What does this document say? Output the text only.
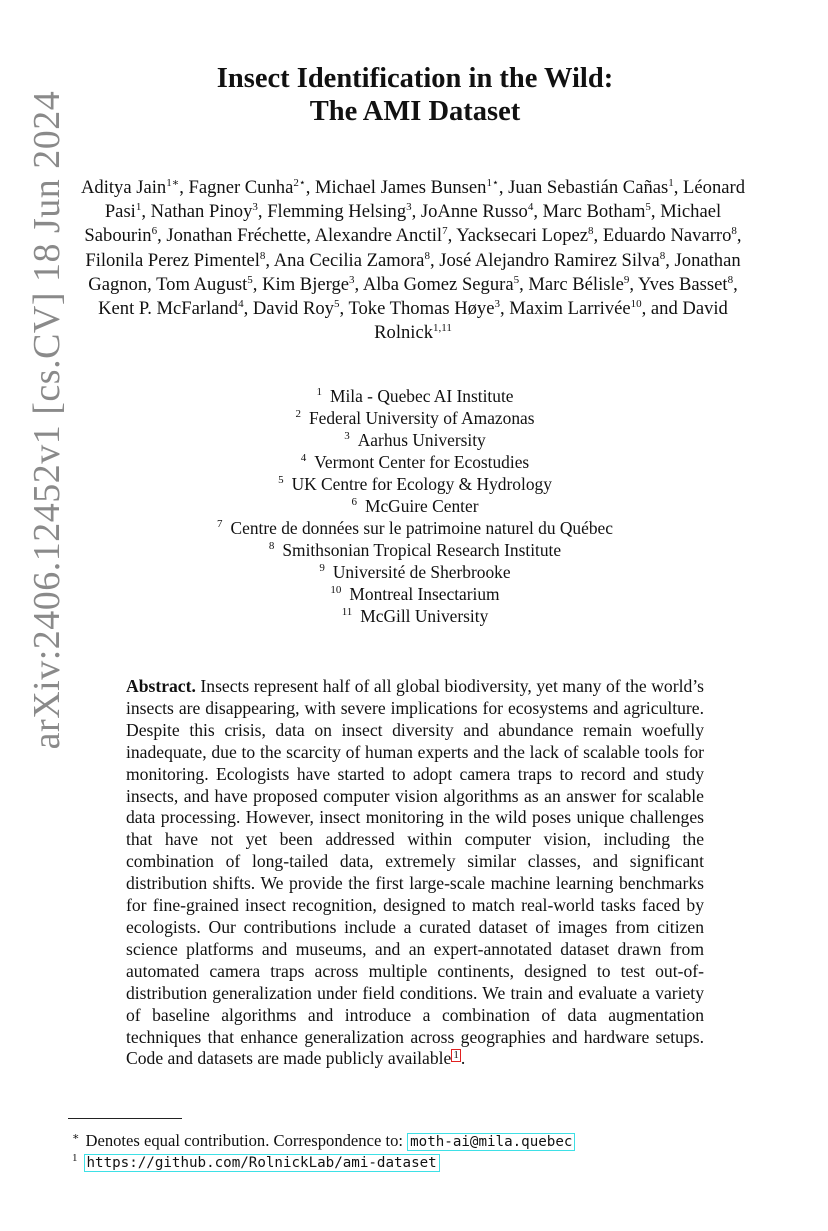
arXiv:2406.12452v1 [cs.CV] 18 Jun 2024
Insect Identification in the Wild:
The AMI Dataset
Aditya Jain$^{1∗}$, Fagner Cunha$^{2⋆}$, Michael James Bunsen$^{1⋆}$, Juan Sebastián Cañas$^1$, Léonard Pasi$^1$, Nathan Pinoy$^3$, Flemming Helsing$^3$, JoAnne Russo$^4$, Marc Botham$^5$, Michael Sabourin$^6$, Jonathan Fréchette, Alexandre Anctil$^7$, Yacksecari Lopez$^8$, Eduardo Navarro$^8$, Filonila Perez Pimentel$^8$, Ana Cecilia Zamora$^8$, José Alejandro Ramirez Silva$^8$, Jonathan Gagnon, Tom August$^5$, Kim Bjerge$^3$, Alba Gomez Segura$^5$, Marc Bélisle$^9$, Yves Basset$^8$, Kent P. McFarland$^4$, David Roy$^5$, Toke Thomas Høye$^3$, Maxim Larrivée$^{10}$, and David Rolnick$^{1,11}$
$^1$ Mila - Quebec AI Institute
$^2$ Federal University of Amazonas
$^3$ Aarhus University
$^4$ Vermont Center for Ecostudies
$^5$ UK Centre for Ecology & Hydrology
$^6$ McGuire Center
$^7$ Centre de données sur le patrimoine naturel du Québec
$^8$ Smithsonian Tropical Research Institute
$^9$ Université de Sherbrooke
$^{10}$ Montreal Insectarium
$^{11}$ McGill University
Abstract. Insects represent half of all global biodiversity, yet many of the world’s insects are disappearing, with severe implications for ecosystems and agriculture. Despite this crisis, data on insect diversity and abundance remain woefully inadequate, due to the scarcity of human experts and the lack of scalable tools for monitoring. Ecologists have started to adopt camera traps to record and study insects, and have proposed computer vision algorithms as an answer for scalable data processing. However, insect monitoring in the wild poses unique challenges that have not yet been addressed within computer vision, including the combination of long-tailed data, extremely similar classes, and significant distribution shifts. We provide the first large-scale machine learning benchmarks for fine-grained insect recognition, designed to match real-world tasks faced by ecologists. Our contributions include a curated dataset of images from citizen science platforms and museums, and an expert-annotated dataset drawn from automated camera traps across multiple continents, designed to test out-of-distribution generalization under field conditions. We train and evaluate a variety of baseline algorithms and introduce a combination of data augmentation techniques that enhance generalization across geographies and hardware setups. Code and datasets are made publicly available 1 .
∗ Denotes equal contribution. Correspondence to: moth-ai@mila.quebec
$^1$ https://github.com/RolnickLab/ami-dataset
